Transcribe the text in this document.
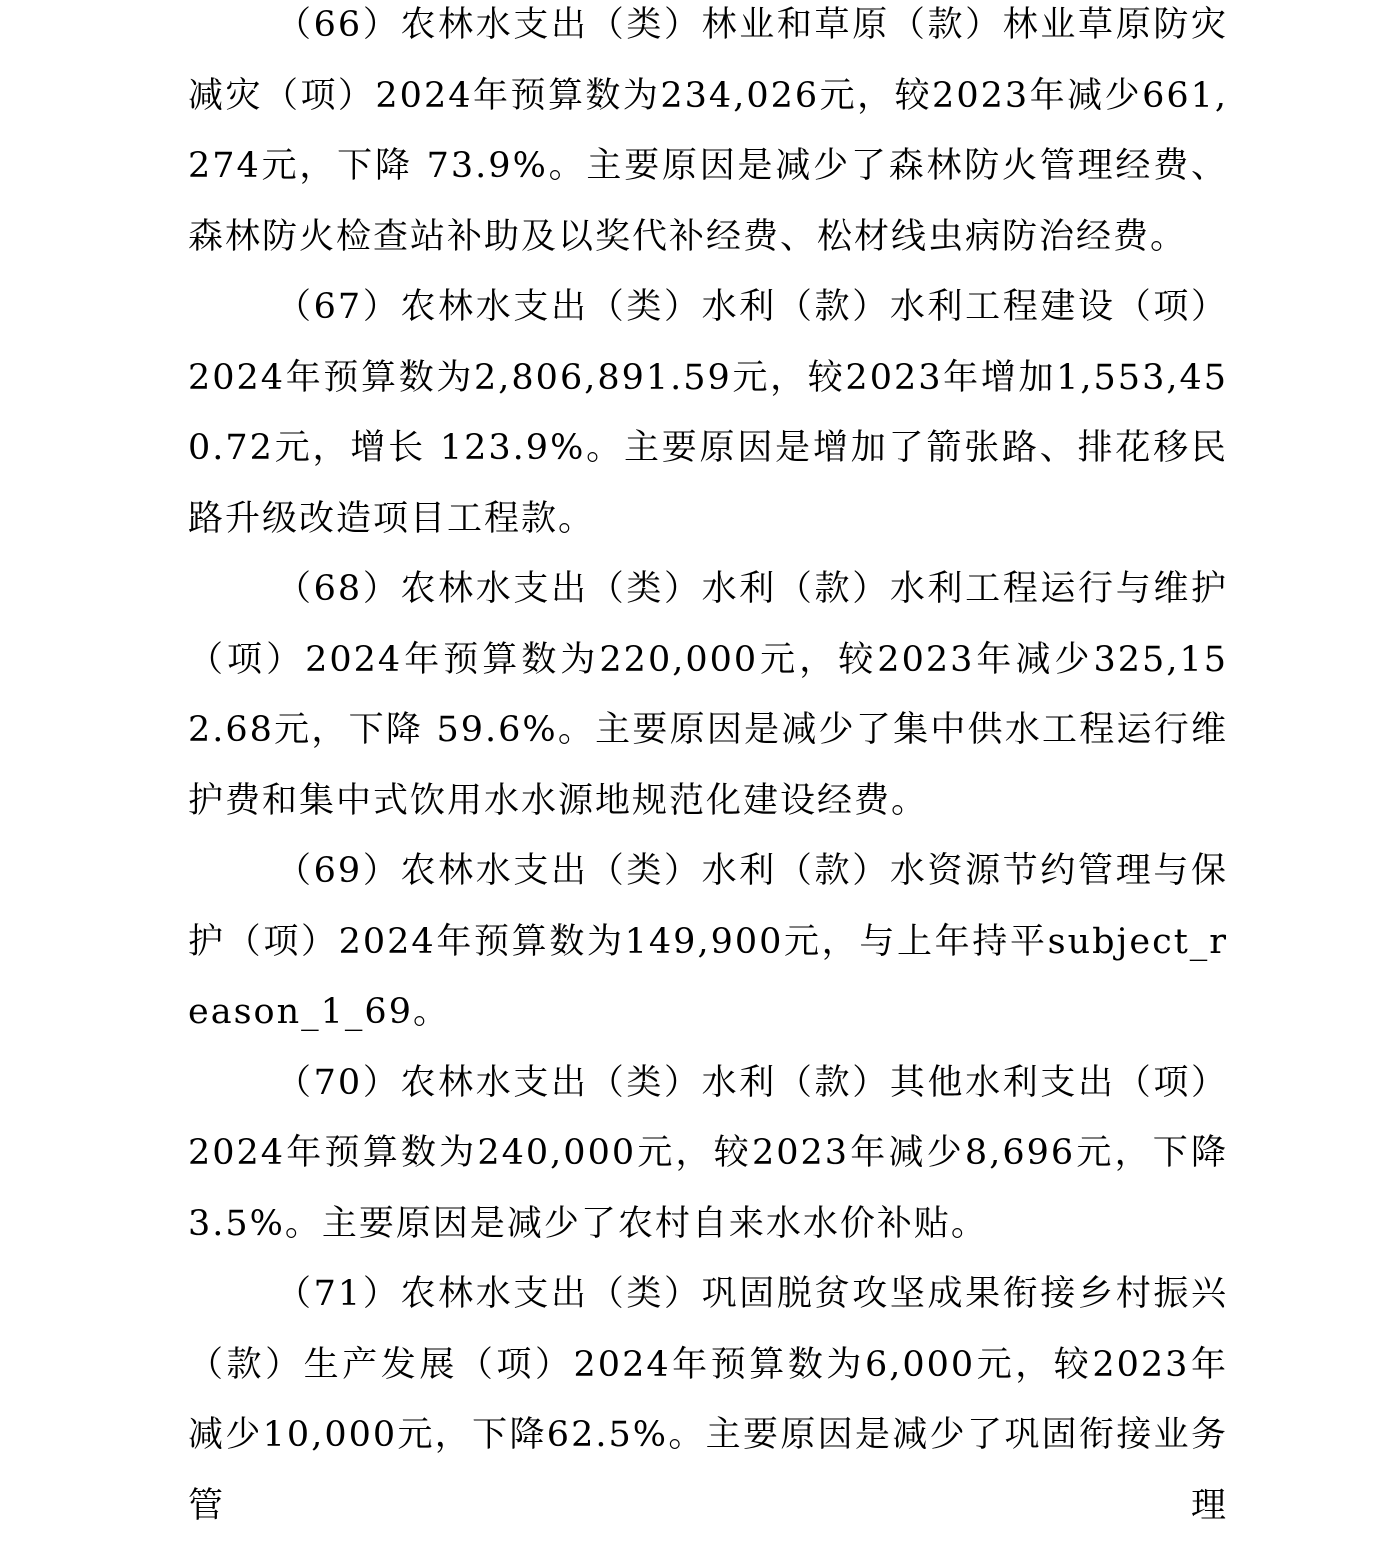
（66）农林水支出（类）林业和草原（款）林业草原防灾减灾（项）2024年预算数为234,026元，较2023年减少661,274元，下降 73.9%。主要原因是减少了森林防火管理经费、森林防火检查站补助及以奖代补经费、松材线虫病防治经费。

（67）农林水支出（类）水利（款）水利工程建设（项）2024年预算数为2,806,891.59元，较2023年增加1,553,450.72元，增长 123.9%。主要原因是增加了箭张路、排花移民路升级改造项目工程款。

（68）农林水支出（类）水利（款）水利工程运行与维护（项）2024年预算数为220,000元，较2023年减少325,152.68元，下降 59.6%。主要原因是减少了集中供水工程运行维护费和集中式饮用水水源地规范化建设经费。

（69）农林水支出（类）水利（款）水资源节约管理与保护（项）2024年预算数为149,900元，与上年持平subject_reason_1_69。

（70）农林水支出（类）水利（款）其他水利支出（项）2024年预算数为240,000元，较2023年减少8,696元，下降3.5%。主要原因是减少了农村自来水水价补贴。

（71）农林水支出（类）巩固脱贫攻坚成果衔接乡村振兴（款）生产发展（项）2024年预算数为6,000元，较2023年减少10,000元，下降62.5%。主要原因是减少了巩固衔接业务管理
